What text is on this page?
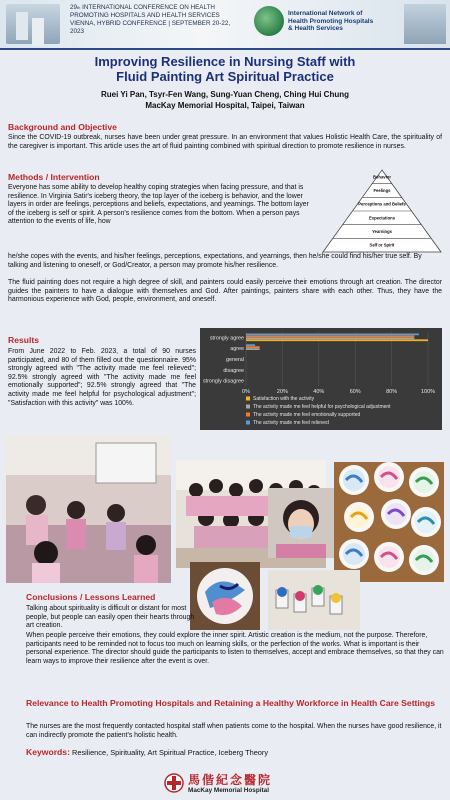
29th INTERNATIONAL CONFERENCE ON HEALTH
PROMOTING HOSPITALS AND HEALTH SERVICES
VIENNA, HYBRID CONFERENCE | SEPTEMBER 20-22, 2023
International Network of
Health Promoting Hospitals
& Health Services
Improving Resilience in Nursing Staff with
Fluid Painting Art Spiritual Practice
Ruei Yi Pan, Tsyr-Fen Wang, Sung-Yuan Cheng, Ching Hui Chung
MacKay Memorial Hospital, Taipei, Taiwan
Background and Objective
Since the COVID-19 outbreak, nurses have been under great pressure. In an environment that values Holistic Health Care, the spirituality of the caregiver is important. This article uses the art of fluid painting combined with spiritual direction to promote resilience in nurses.
Methods / Intervention
Everyone has some ability to develop healthy coping strategies when facing pressure, and that is resilience. In Virginia Satir's iceberg theory, the top layer of the iceberg is behavior, and the lower layers in order are feelings, perceptions and beliefs, expectations, and yearnings. The bottom layer of the iceberg is self or spirit. A person's resilience comes from the bottom. When a person pays attention to the events of life, how
he/she copes with the events, and his/her feelings, perceptions, expectations, and yearnings, then he/she could find his/her true self. By talking and listening to oneself, or God/Creator, a person may promote his/her resilience.
The fluid painting does not require a high degree of skill, and painters could easily perceive their emotions through art creation. The director guides the painters to have a dialogue with themselves and God. After paintings, painters share with each other. Thus, they have the harmonious experience with God, people, environment, and oneself.
Behavior
Feelings
Perceptions and Beliefs
Expectations
Yearnings
Self or Spirit
Results
From June 2022 to Feb. 2023, a total of 90 nurses participated, and 80 of them filled out the questionnaire. 95% strongly agreed with "The activity made me feel relieved"; 92.5% strongly agreed with "The activity made me feel emotionally supported"; 92.5% strongly agreed that "The activity made me feel helpful for psychological adjustment"; "Satisfaction with this activity" was 100%.
0%	20%	40%	60%	80%	100%
strongly disagree
disagree
general
agree
strongly agree
Satisfaction with the activity
The activity made me feel helpful for psychological adjustment
The activity made me feel emotionally supported
The activity made me feel relieved
Conclusions / Lessons Learned
Talking about spirituality is difficult or distant for most people, but people can easily open their hearts through art creation.
When people perceive their emotions, they could explore the inner spirit. Artistic creation is the medium, not the purpose. Therefore, participants need to be reminded not to focus too much on learning skills, or the perfection of the works. What is important is their personal experience. The director should guide the participants to listen to themselves, accept and embrace themselves, so that they can learn ways to improve their resilience after the event is over.
Relevance to Health Promoting Hospitals and Retaining a Healthy Workforce in Health Care Settings
The nurses are the most frequently contacted hospital staff when patients come to the hospital. When the nurses have good resilience, it can indirectly promote the patient's holistic health.
Keywords: Resilience, Spirituality, Art Spiritual Practice, Iceberg Theory
馬偕紀念醫院
MacKay Memorial Hospital
